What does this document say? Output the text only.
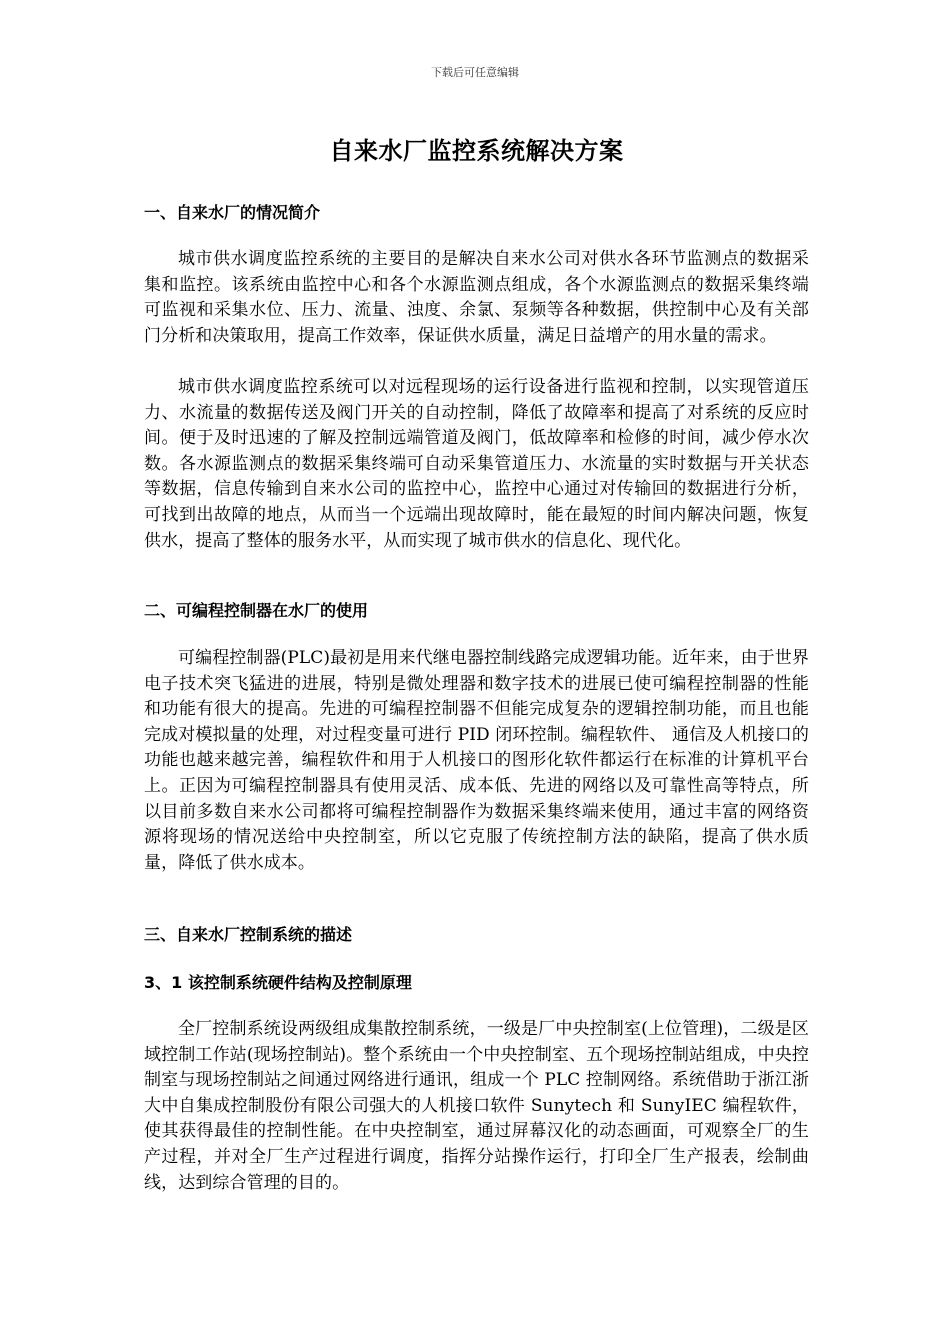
下载后可任意编辑
自来水厂监控系统解决方案
一、自来水厂的情况简介

城市供水调度监控系统的主要目的是解决自来水公司对供水各环节监测点的数据采集和监控。该系统由监控中心和各个水源监测点组成，各个水源监测点的数据采集终端可监视和采集水位、压力、流量、浊度、余氯、泵频等各种数据，供控制中心及有关部门分析和决策取用，提高工作效率，保证供水质量，满足日益增产的用水量的需求。

城市供水调度监控系统可以对远程现场的运行设备进行监视和控制，以实现管道压力、水流量的数据传送及阀门开关的自动控制，降低了故障率和提高了对系统的反应时间。便于及时迅速的了解及控制远端管道及阀门，低故障率和检修的时间，减少停水次数。各水源监测点的数据采集终端可自动采集管道压力、水流量的实时数据与开关状态等数据，信息传输到自来水公司的监控中心，监控中心通过对传输回的数据进行分析，可找到出故障的地点，从而当一个远端出现故障时，能在最短的时间内解决问题，恢复供水，提高了整体的服务水平，从而实现了城市供水的信息化、现代化。

二、可编程控制器在水厂的使用

可编程控制器(PLC)最初是用来代继电器控制线路完成逻辑功能。近年来，由于世界电子技术突飞猛进的进展，特别是微处理器和数字技术的进展已使可编程控制器的性能和功能有很大的提高。先进的可编程控制器不但能完成复杂的逻辑控制功能，而且也能完成对模拟量的处理，对过程变量可进行 PID 闭环控制。编程软件、 通信及人机接口的功能也越来越完善，编程软件和用于人机接口的图形化软件都运行在标准的计算机平台上。正因为可编程控制器具有使用灵活、成本低、先进的网络以及可靠性高等特点，所以目前多数自来水公司都将可编程控制器作为数据采集终端来使用，通过丰富的网络资源将现场的情况送给中央控制室，所以它克服了传统控制方法的缺陷，提高了供水质量，降低了供水成本。

三、自来水厂控制系统的描述
3、1 该控制系统硬件结构及控制原理

全厂控制系统设两级组成集散控制系统，一级是厂中央控制室(上位管理)，二级是区域控制工作站(现场控制站)。整个系统由一个中央控制室、五个现场控制站组成，中央控制室与现场控制站之间通过网络进行通讯，组成一个 PLC 控制网络。系统借助于浙江浙大中自集成控制股份有限公司强大的人机接口软件 Sunytech 和 SunyIEC 编程软件，使其获得最佳的控制性能。在中央控制室，通过屏幕汉化的动态画面，可观察全厂的生产过程，并对全厂生产过程进行调度，指挥分站操作运行，打印全厂生产报表，绘制曲线，达到综合管理的目的。
